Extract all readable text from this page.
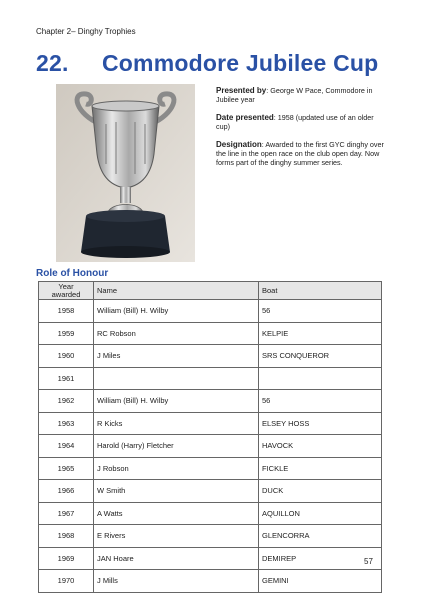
Chapter 2– Dinghy Trophies
22. Commodore Jubilee Cup

Presented by: George W Pace, Commodore in Jubilee year

Date presented: 1958 (updated use of an older cup)

Designation: Awarded to the first GYC dinghy over the line in the open race on the club open day. Now forms part of the dinghy summer series.

Role of Honour
Year
awarded	Name	Boat
1958	William (Bill) H. Wilby	56
1959	RC Robson	KELPIE
1960	J Miles	SRS CONQUEROR
1961		
1962	William (Bill) H. Wilby	56
1963	R Kicks	ELSEY HOSS
1964	Harold (Harry) Fletcher	HAVOCK
1965	J Robson	FICKLE
1966	W Smith	DUCK
1967	A Watts	AQUILLON
1968	E Rivers	GLENCORRA
1969	JAN Hoare	DEMIREP
1970	J Mills	GEMINI
57
